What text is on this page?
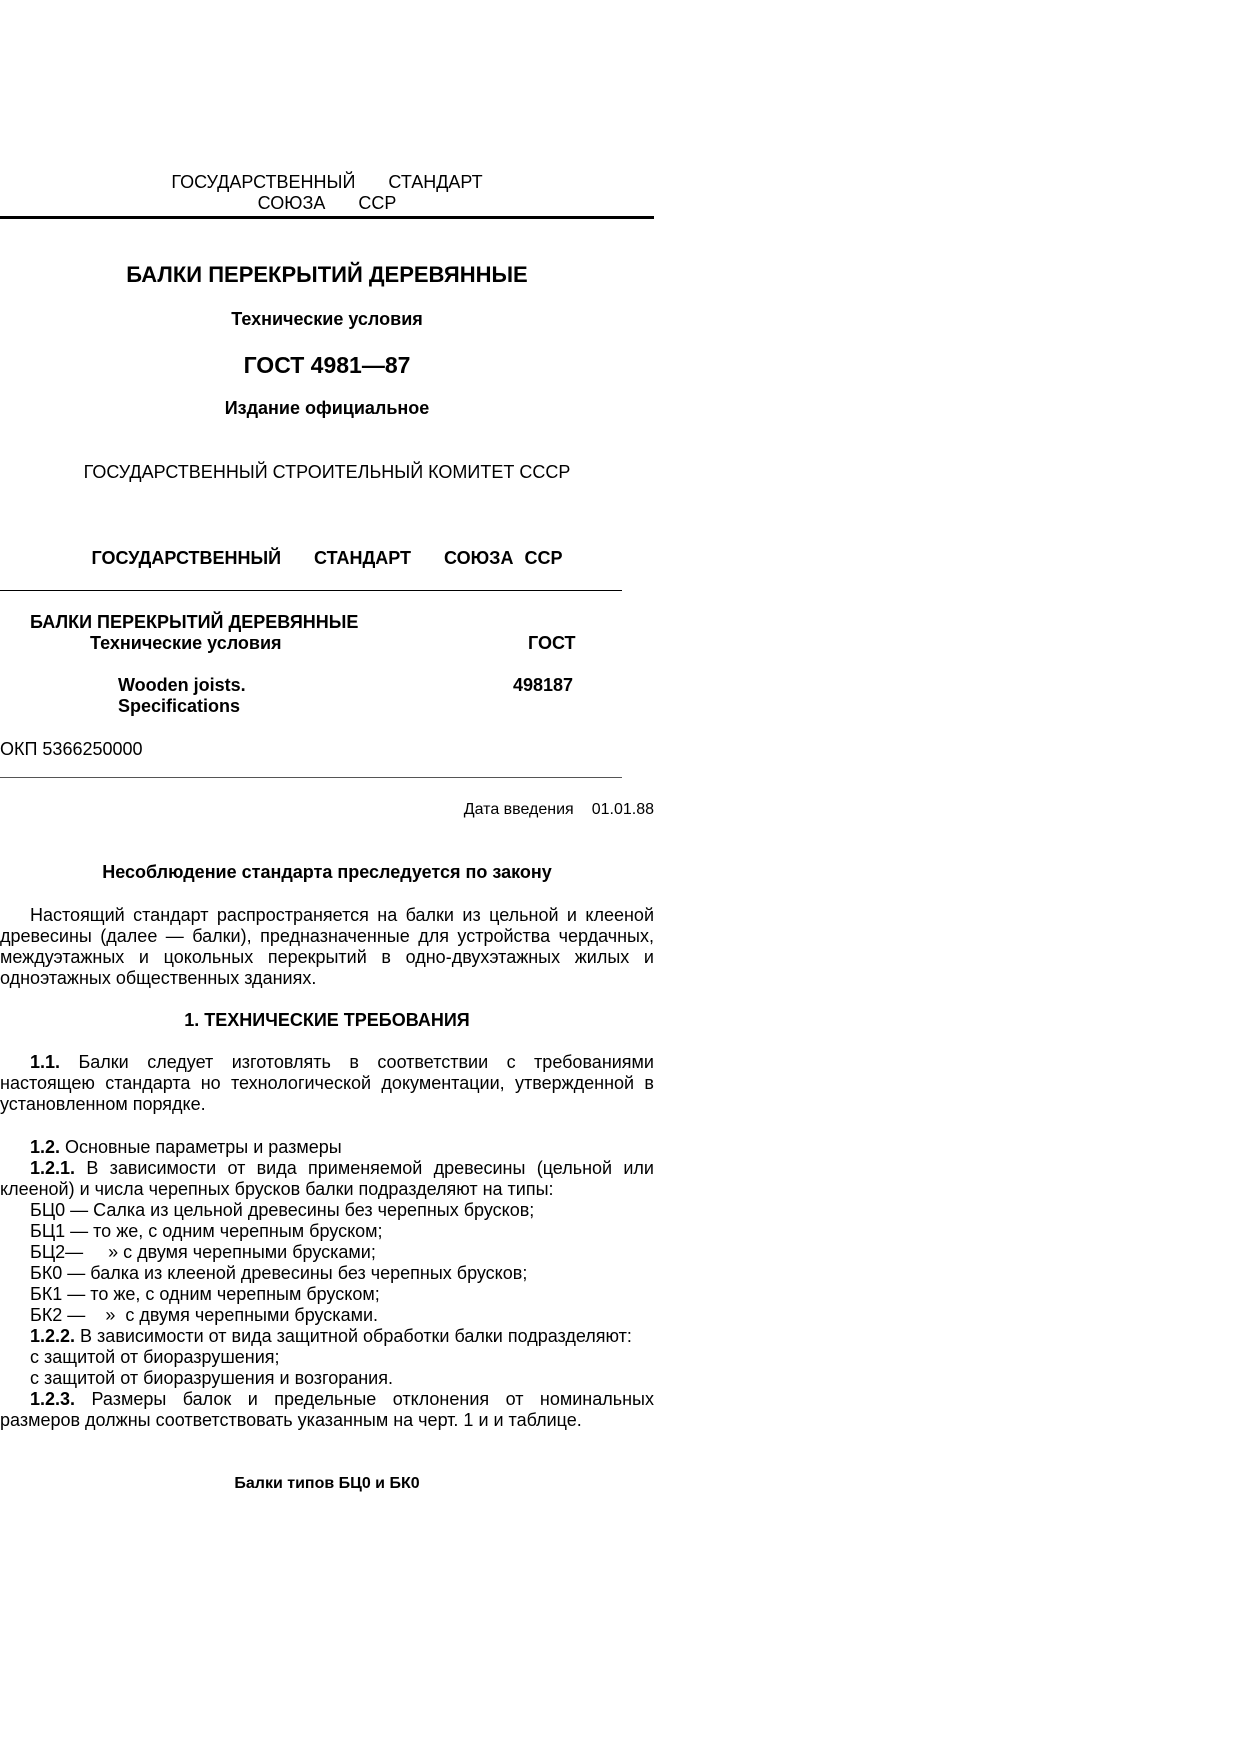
ГОСУДАРСТВЕННЫЙ   СТАНДАРТ
СОЮЗА   ССР
БАЛКИ ПЕРЕКРЫТИЙ ДЕРЕВЯННЫЕ
Технические условия
ГОСТ 4981—87
Издание официальное
ГОСУДАРСТВЕННЫЙ СТРОИТЕЛЬНЫЙ КОМИТЕТ СССР
ГОСУДАРСТВЕННЫЙ   СТАНДАРТ   СОЮЗА ССР
БАЛКИ ПЕРЕКРЫТИЙ ДЕРЕВЯННЫЕ
Технические условия	ГОСТ
Wooden joists.
Specifications
498187
ОКП 5366250000
Дата введения 01.01.88
Несоблюдение стандарта преследуется по закону

Настоящий стандарт распространяется на балки из цельной и клееной древесины (далее — балки), предназначенные для устройства чердачных, междуэтажных и цокольных перекрытий в одно-двухэтажных жилых и одноэтажных общественных зданиях.

1. ТЕХНИЧЕСКИЕ ТРЕБОВАНИЯ

1.1. Балки следует изготовлять в соответствии с требованиями настоящею стандарта но технологической документации, утвержденной в установленном порядке.

1.2. Основные параметры и размеры
1.2.1. В зависимости от вида применяемой древесины (цельной или клееной) и числа черепных брусков балки подразделяют на типы:
БЦ0 — Салка из цельной древесины без черепных брусков;
БЦ1 — то же, с одним черепным бруском;
БЦ2—     » с двумя черепными брусками;
БК0 — балка из клееной древесины без черепных брусков;
БК1 — то же, с одним черепным бруском;
БК2 —    »  с двумя черепными брусками.
1.2.2. В зависимости от вида защитной обработки балки подразделяют:
с защитой от биоразрушения;
с защитой от биоразрушения и возгорания.
1.2.3. Размеры балок и предельные отклонения от номинальных размеров должны соответствовать указанным на черт. 1 и и таблице.
Балки типов БЦ0 и БК0
